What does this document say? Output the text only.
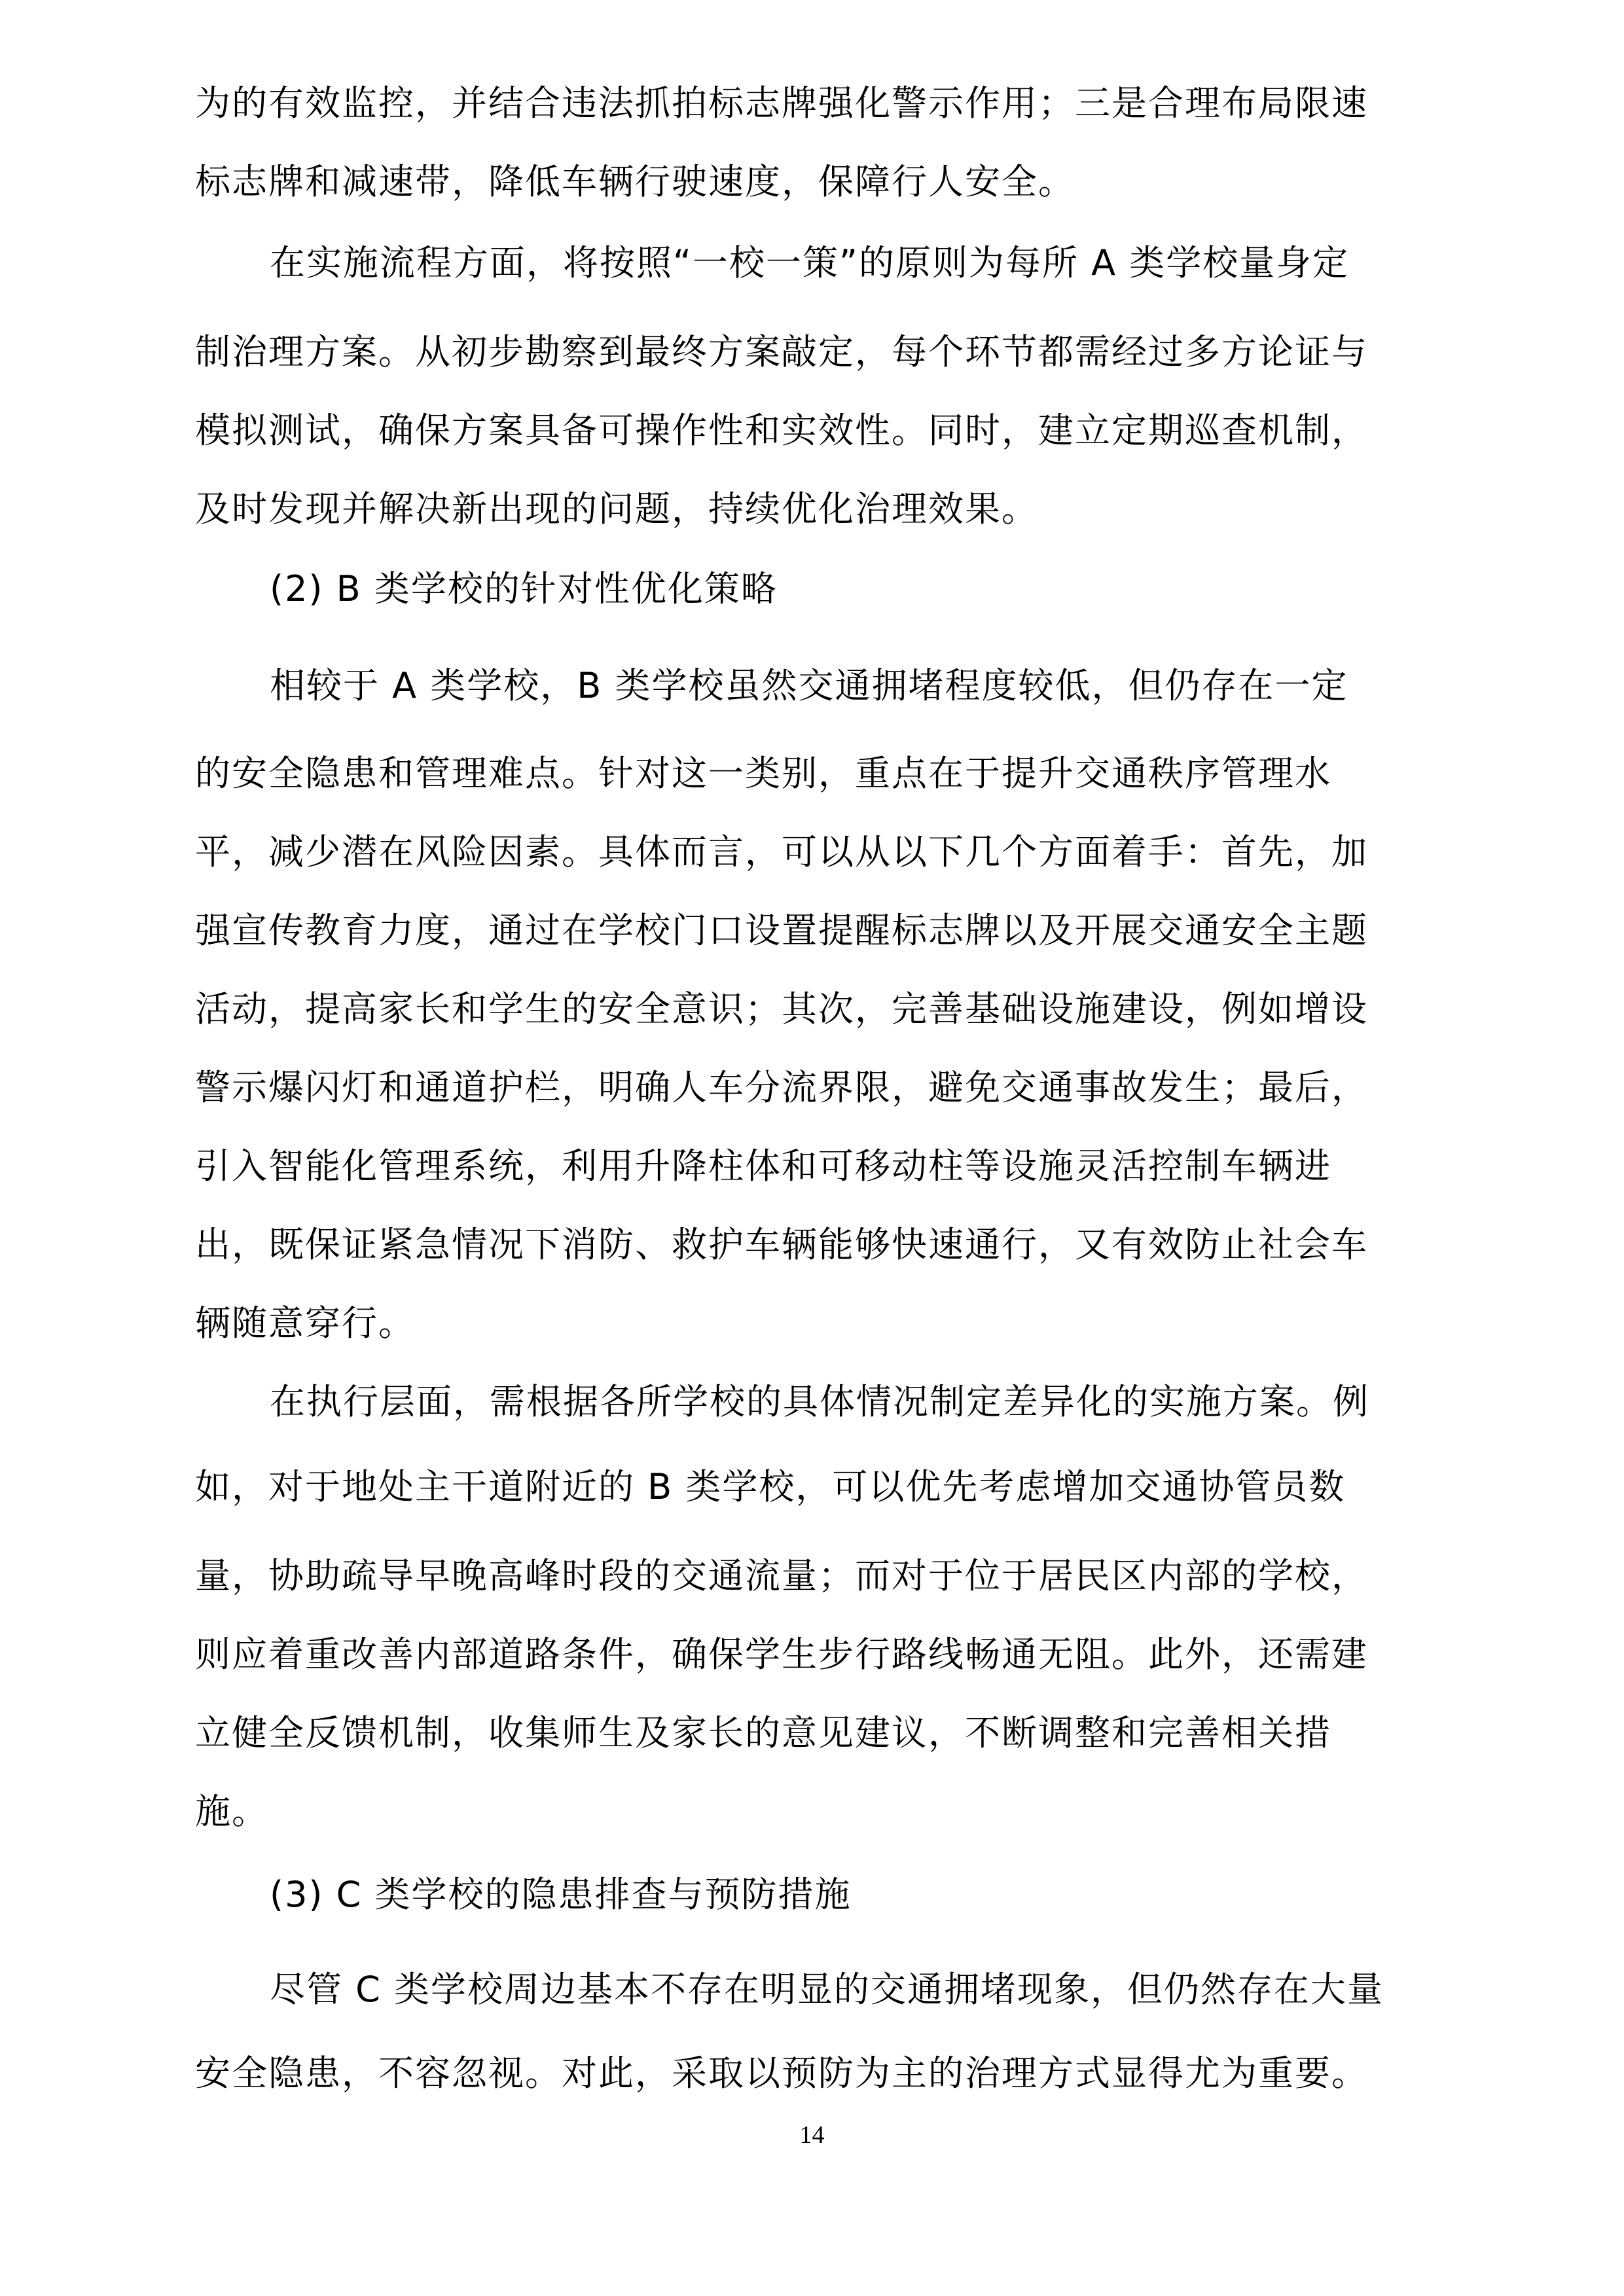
为的有效监控，并结合违法抓拍标志牌强化警示作用；三是合理布局限速
标志牌和减速带，降低车辆行驶速度，保障行人安全。
在实施流程方面，将按照“一校一策”的原则为每所 A 类学校量身定
制治理方案。从初步勘察到最终方案敲定，每个环节都需经过多方论证与
模拟测试，确保方案具备可操作性和实效性。同时，建立定期巡查机制，
及时发现并解决新出现的问题，持续优化治理效果。
(2) B 类学校的针对性优化策略
相较于 A 类学校，B 类学校虽然交通拥堵程度较低，但仍存在一定
的安全隐患和管理难点。针对这一类别，重点在于提升交通秩序管理水
平，减少潜在风险因素。具体而言，可以从以下几个方面着手：首先，加
强宣传教育力度，通过在学校门口设置提醒标志牌以及开展交通安全主题
活动，提高家长和学生的安全意识；其次，完善基础设施建设，例如增设
警示爆闪灯和通道护栏，明确人车分流界限，避免交通事故发生；最后，
引入智能化管理系统，利用升降柱体和可移动柱等设施灵活控制车辆进
出，既保证紧急情况下消防、救护车辆能够快速通行，又有效防止社会车
辆随意穿行。
在执行层面，需根据各所学校的具体情况制定差异化的实施方案。例
如，对于地处主干道附近的 B 类学校，可以优先考虑增加交通协管员数
量，协助疏导早晚高峰时段的交通流量；而对于位于居民区内部的学校，
则应着重改善内部道路条件，确保学生步行路线畅通无阻。此外，还需建
立健全反馈机制，收集师生及家长的意见建议，不断调整和完善相关措
施。
(3) C 类学校的隐患排查与预防措施
尽管 C 类学校周边基本不存在明显的交通拥堵现象，但仍然存在大量
安全隐患，不容忽视。对此，采取以预防为主的治理方式显得尤为重要。
14
